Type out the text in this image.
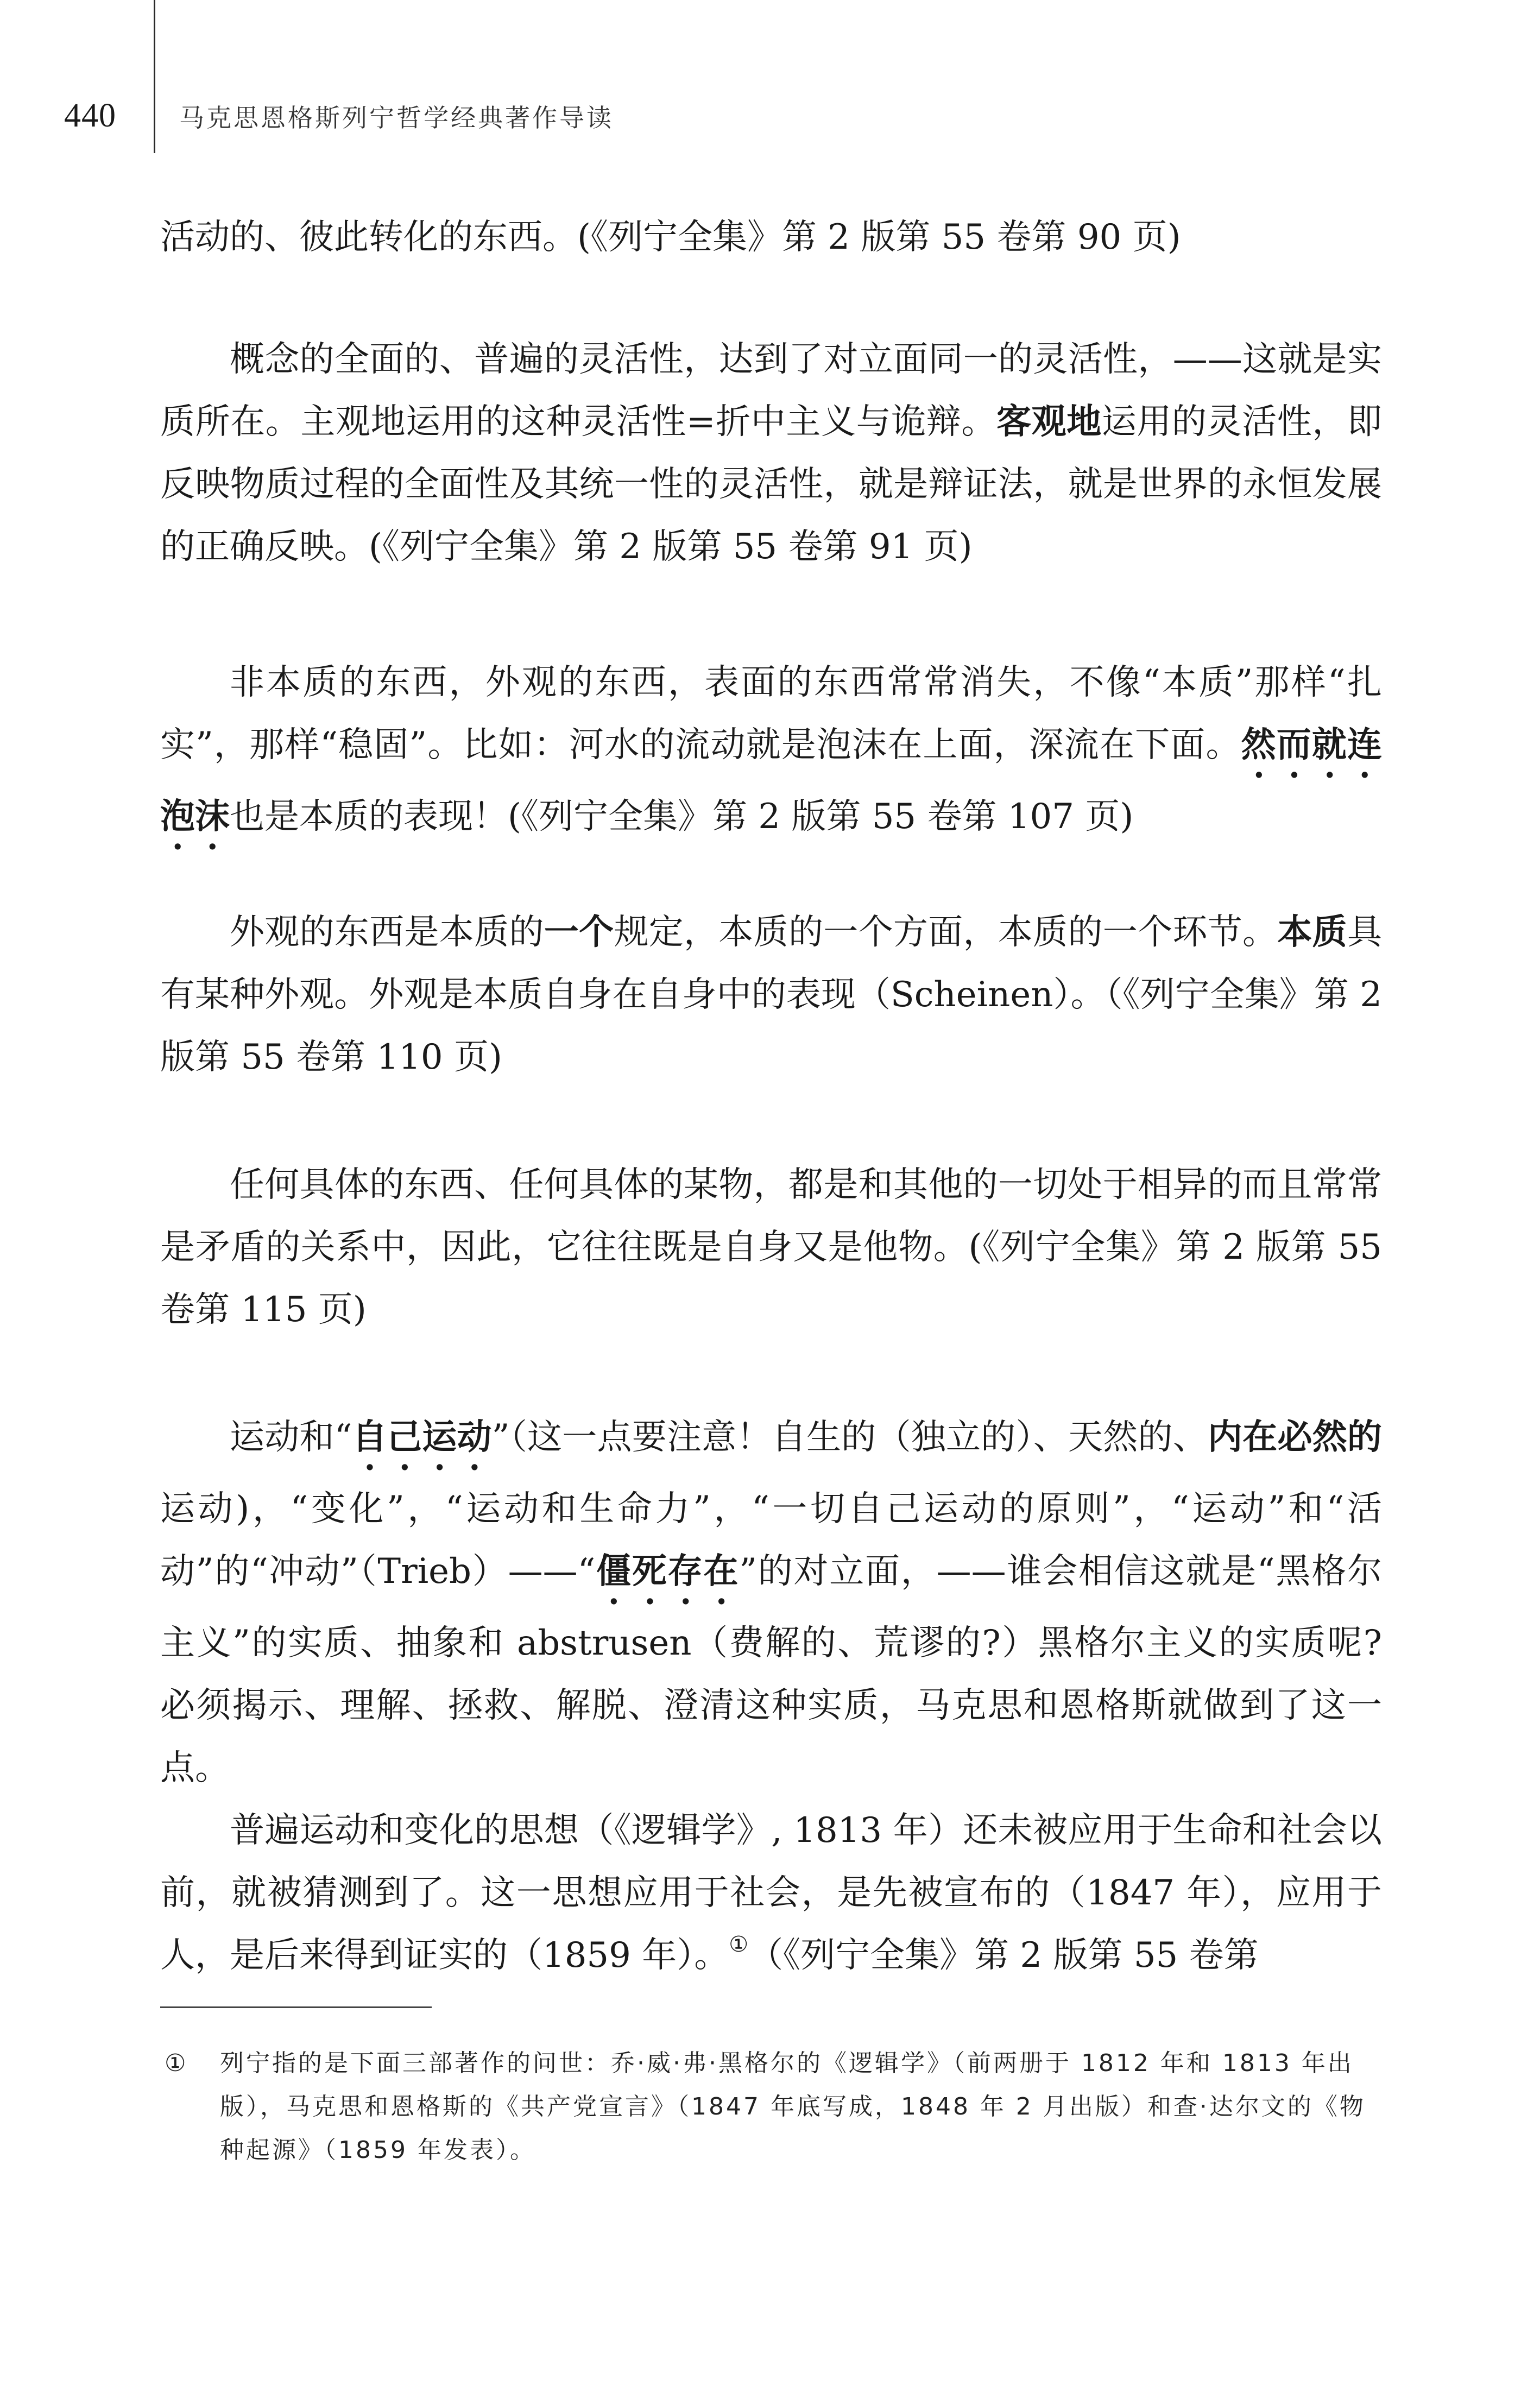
440	马克思恩格斯列宁哲学经典著作导读

活动的、彼此转化的东西。(《列宁全集》第 2 版第 55 卷第 90 页)

概念的全面的、普遍的灵活性，达到了对立面同一的灵活性，——这就是实质所在。主观地运用的这种灵活性=折中主义与诡辩。客观地运用的灵活性，即反映物质过程的全面性及其统一性的灵活性，就是辩证法，就是世界的永恒发展的正确反映。(《列宁全集》第 2 版第 55 卷第 91 页)

非本质的东西，外观的东西，表面的东西常常消失，不像“本质”那样“扎实”，那样“稳固”。比如：河水的流动就是泡沫在上面，深流在下面。然而就连泡沫也是本质的表现！(《列宁全集》第 2 版第 55 卷第 107 页)

外观的东西是本质的一个规定，本质的一个方面，本质的一个环节。本质具有某种外观。外观是本质自身在自身中的表现（Scheinen）。（《列宁全集》第 2 版第 55 卷第 110 页)

任何具体的东西、任何具体的某物，都是和其他的一切处于相异的而且常常是矛盾的关系中，因此，它往往既是自身又是他物。(《列宁全集》第 2 版第 55 卷第 115 页)

运动和“自己运动”（这一点要注意！自生的（独立的）、天然的、内在必然的运动)，“变化”，“运动和生命力”，“一切自己运动的原则”，“运动”和“活动”的“冲动”（Trieb）——“僵死存在”的对立面，——谁会相信这就是“黑格尔主义”的实质、抽象和 abstrusen（费解的、荒谬的?）黑格尔主义的实质呢? 必须揭示、理解、拯救、解脱、澄清这种实质，马克思和恩格斯就做到了这一点。

普遍运动和变化的思想（《逻辑学》, 1813 年）还未被应用于生命和社会以前，就被猜测到了。这一思想应用于社会，是先被宣布的（1847 年），应用于人，是后来得到证实的（1859 年）。①（《列宁全集》第 2 版第 55 卷第

① 列宁指的是下面三部著作的问世：乔·威·弗·黑格尔的《逻辑学》（前两册于 1812 年和 1813 年出版），马克思和恩格斯的《共产党宣言》（1847 年底写成，1848 年 2 月出版）和查·达尔文的《物种起源》（1859 年发表）。
